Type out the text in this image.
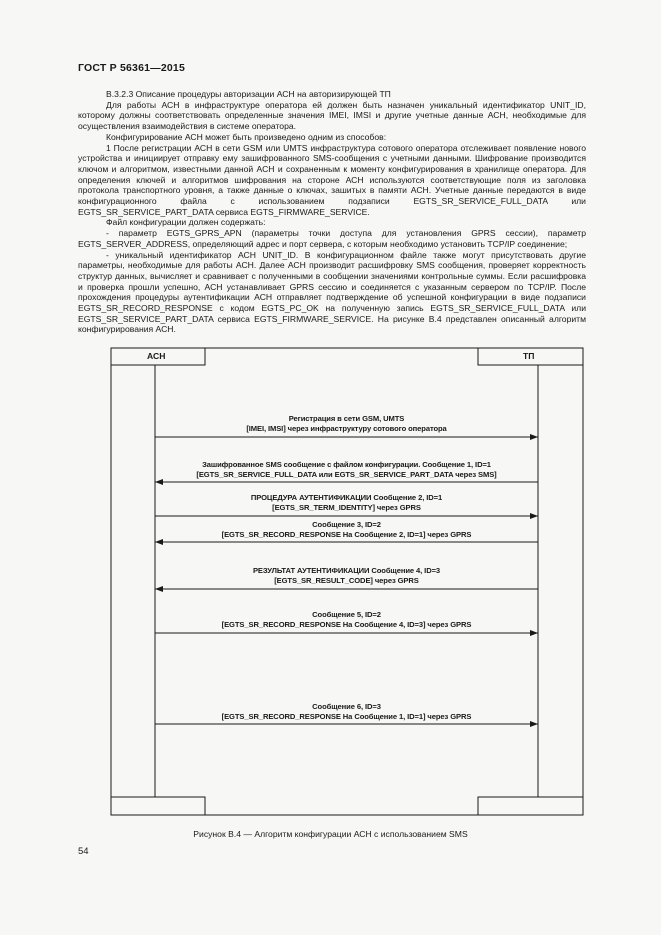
ГОСТ Р 56361—2015

В.3.2.3 Описание процедуры авторизации АСН на авторизирующей ТП

Для работы АСН в инфраструктуре оператора ей должен быть назначен уникальный идентификатор UNIT_ID, которому должны соответствовать определенные значения IMEI, IMSI и другие учетные данные АСН, необходимые для осуществления взаимодействия в системе оператора.

Конфигурирование АСН может быть произведено одним из способов:

1 После регистрации АСН в сети GSM или UMTS инфраструктура сотового оператора отслеживает появление нового устройства и инициирует отправку ему зашифрованного SMS-сообщения с учетными данными. Шифрование производится ключом и алгоритмом, известными данной АСН и сохраненным к моменту конфигурирования в хранилище оператора. Для определения ключей и алгоритмов шифрования на стороне АСН используются соответствующие поля из заголовка протокола транспортного уровня, а также данные о ключах, зашитых в памяти АСН. Учетные данные передаются в виде конфигурационного файла с использованием подзаписи EGTS_SR_SERVICE_FULL_DATA или EGTS_SR_SERVICE_PART_DATA сервиса EGTS_FIRMWARE_SERVICE.

Файл конфигурации должен содержать:

- параметр EGTS_GPRS_APN (параметры точки доступа для установления GPRS сессии), параметр EGTS_SERVER_ADDRESS, определяющий адрес и порт сервера, с которым необходимо установить TCP/IP соединение;

- уникальный идентификатор АСН UNIT_ID. В конфигурационном файле также могут присутствовать другие параметры, необходимые для работы АСН. Далее АСН производит расшифровку SMS сообщения, проверяет корректность структур данных, вычисляет и сравнивает с полученными в сообщении значениями контрольные суммы. Если расшифровка и проверка прошли успешно, АСН устанавливает GPRS сессию и соединяется с указанным сервером по TCP/IP. После прохождения процедуры аутентификации АСН отправляет подтверждение об успешной конфигурации в виде подзаписи EGTS_SR_RECORD_RESPONSE с кодом EGTS_PC_OK на полученную запись EGTS_SR_SERVICE_FULL_DATA или EGTS_SR_SERVICE_PART_DATA сервиса EGTS_FIRMWARE_SERVICE. На рисунке В.4 представлен описанный алгоритм конфигурирования АСН.

АСН	ТП
Регистрация в сети GSM, UMTS
[IMEI, IMSI] через инфраструктуру сотового оператора
Зашифрованное SMS сообщение с файлом конфигурации. Сообщение 1, ID=1
[EGTS_SR_SERVICE_FULL_DATA или EGTS_SR_SERVICE_PART_DATA через SMS]
ПРОЦЕДУРА АУТЕНТИФИКАЦИИ Сообщение 2, ID=1
[EGTS_SR_TERM_IDENTITY] через GPRS
Сообщение 3, ID=2
[EGTS_SR_RECORD_RESPONSE На Сообщение 2, ID=1] через GPRS
РЕЗУЛЬТАТ АУТЕНТИФИКАЦИИ Сообщение 4, ID=3
[EGTS_SR_RESULT_CODE] через GPRS
Сообщение 5, ID=2
[EGTS_SR_RECORD_RESPONSE На Сообщение 4, ID=3] через GPRS
Сообщение 6, ID=3
[EGTS_SR_RECORD_RESPONSE На Сообщение 1, ID=1] через GPRS
Рисунок В.4 — Алгоритм конфигурации АСН с использованием SMS
54
